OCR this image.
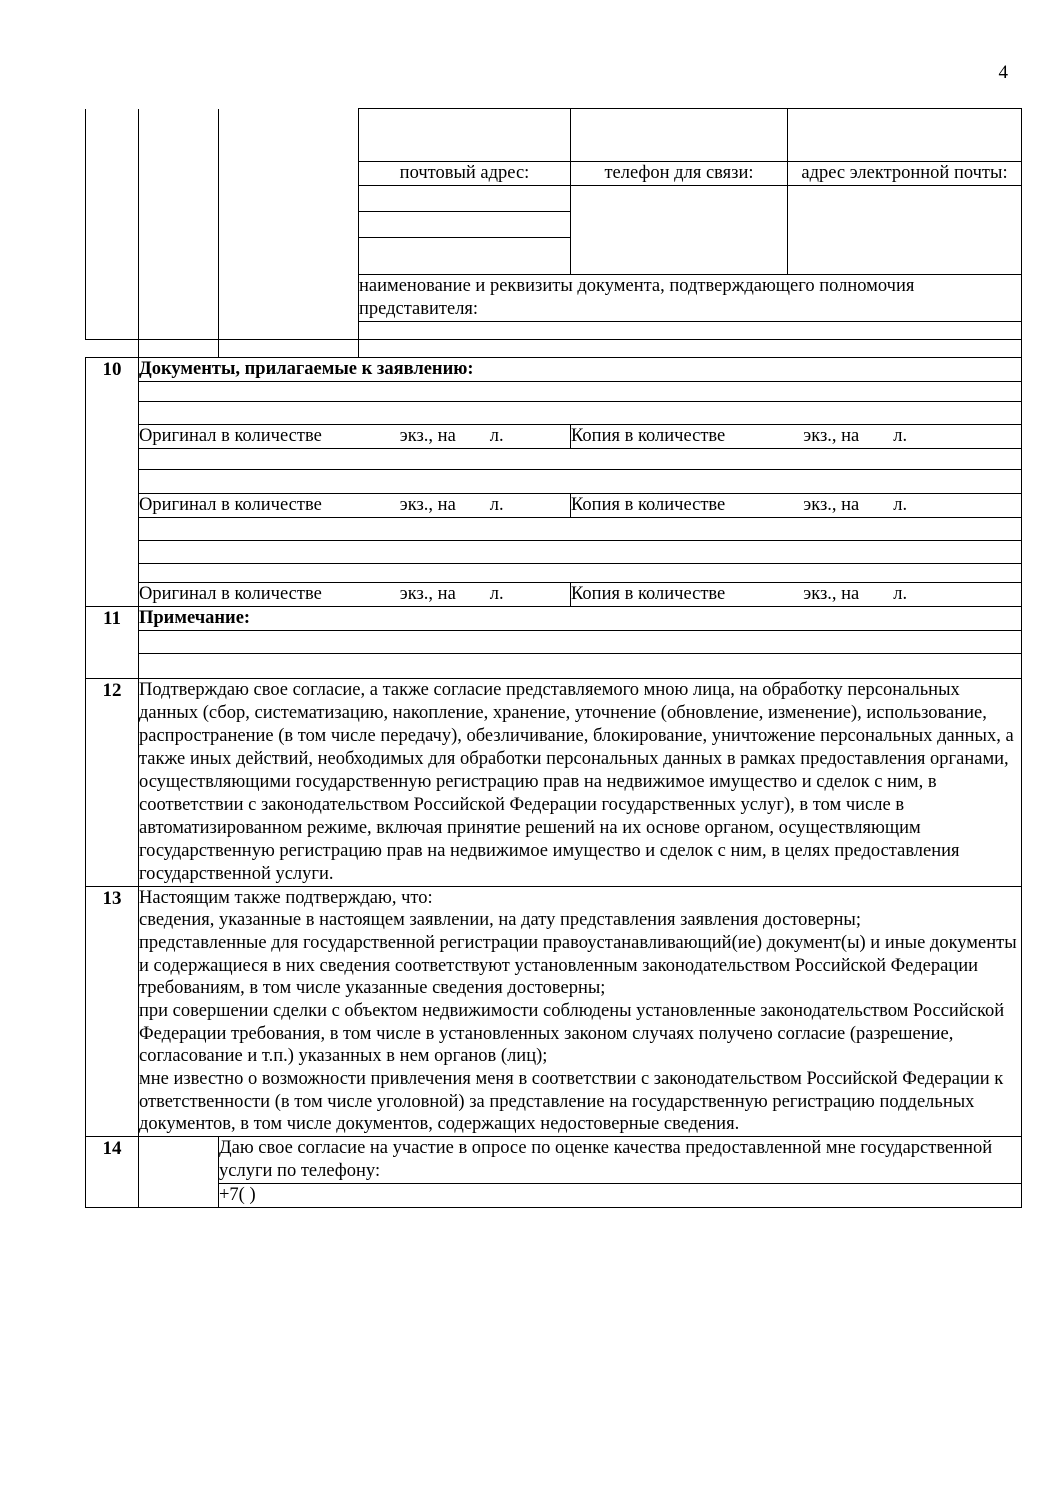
4

			почтовый адрес:	телефон для связи:	адрес электронной почты:

			наименование и реквизиты документа, подтверждающего полномочия представителя:		

10	Документы, прилагаемые к заявлению:				

	Оригинал в количестве экз., на л.			Копия в количестве экз., на л.	

	Оригинал в количестве экз., на л.			Копия в количестве экз., на л.	

	Оригинал в количестве экз., на л.			Копия в количестве экз., на л.	

11	Примечание:				

12	Подтверждаю свое согласие, а также согласие представляемого мною лица, на обработку персональных данных (сбор, систематизацию, накопление, хранение, уточнение (обновление, изменение), использование, распространение (в том числе передачу), обезличивание, блокирование, уничтожение персональных данных, а также иных действий, необходимых для обработки персональных данных в рамках предоставления органами, осуществляющими государственную регистрацию прав на недвижимое имущество и сделок с ним, в соответствии с законодательством Российской Федерации государственных услуг), в том числе в автоматизированном режиме, включая принятие решений на их основе органом, осуществляющим государственную регистрацию прав на недвижимое имущество и сделок с ним, в целях предоставления государственной услуги.				
13	Настоящим также подтверждаю, что:

сведения, указанные в настоящем заявлении, на дату представления заявления достоверны;

представленные для государственной регистрации правоустанавливающий(ие) документ(ы) и иные документы и содержащиеся в них сведения соответствуют установленным законодательством Российской Федерации требованиям, в том числе указанные сведения достоверны;

при совершении сделки с объектом недвижимости соблюдены установленные законодательством Российской Федерации требования, в том числе в установленных законом случаях получено согласие (разрешение, согласование и т.п.) указанных в нем органов (лиц);

мне известно о возможности привлечения меня в соответствии с законодательством Российской Федерации к ответственности (в том числе уголовной) за представление на государственную регистрацию поддельных документов, в том числе документов, содержащих недостоверные сведения.				

14		Даю свое согласие на участие в опросе по оценке качества предоставленной мне государственной услуги по телефону:			
		+7( )			
